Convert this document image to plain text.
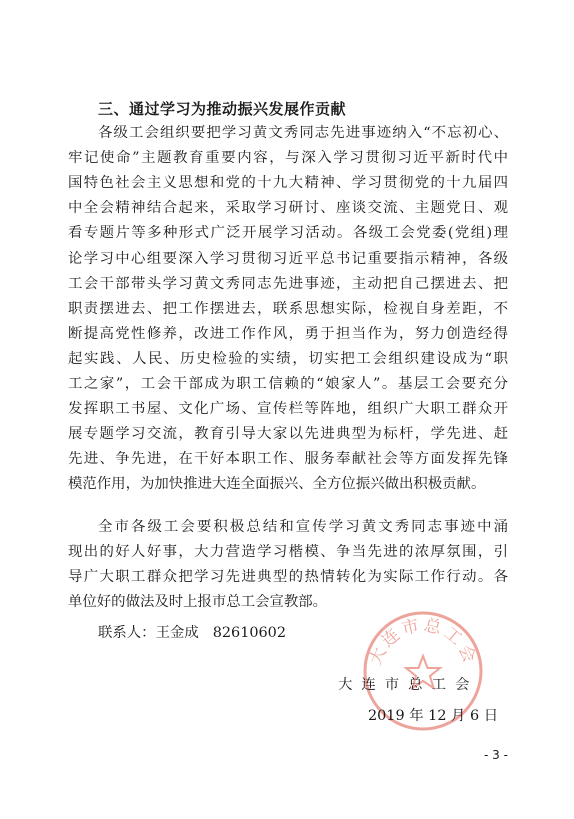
三、通过学习为推动振兴发展作贡献
各级工会组织要把学习黄文秀同志先进事迹纳入“不忘初心、
牢记使命”主题教育重要内容，与深入学习贯彻习近平新时代中
国特色社会主义思想和党的十九大精神、学习贯彻党的十九届四
中全会精神结合起来，采取学习研讨、座谈交流、主题党日、观
看专题片等多种形式广泛开展学习活动。各级工会党委(党组)理
论学习中心组要深入学习贯彻习近平总书记重要指示精神，各级
工会干部带头学习黄文秀同志先进事迹，主动把自己摆进去、把
职责摆进去、把工作摆进去，联系思想实际，检视自身差距，不
断提高党性修养，改进工作作风，勇于担当作为，努力创造经得
起实践、人民、历史检验的实绩，切实把工会组织建设成为“职
工之家”，工会干部成为职工信赖的“娘家人”。基层工会要充分
发挥职工书屋、文化广场、宣传栏等阵地，组织广大职工群众开
展专题学习交流，教育引导大家以先进典型为标杆，学先进、赶
先进、争先进，在干好本职工作、服务奉献社会等方面发挥先锋
模范作用，为加快推进大连全面振兴、全方位振兴做出积极贡献。
全市各级工会要积极总结和宣传学习黄文秀同志事迹中涌
现出的好人好事，大力营造学习楷模、争当先进的浓厚氛围，引
导广大职工群众把学习先进典型的热情转化为实际工作行动。各
单位好的做法及时上报市总工会宣教部。
联系人：王金成 82610602
大连市总工会
大连市总工会
2019 年 12 月 6 日
- 3 -
